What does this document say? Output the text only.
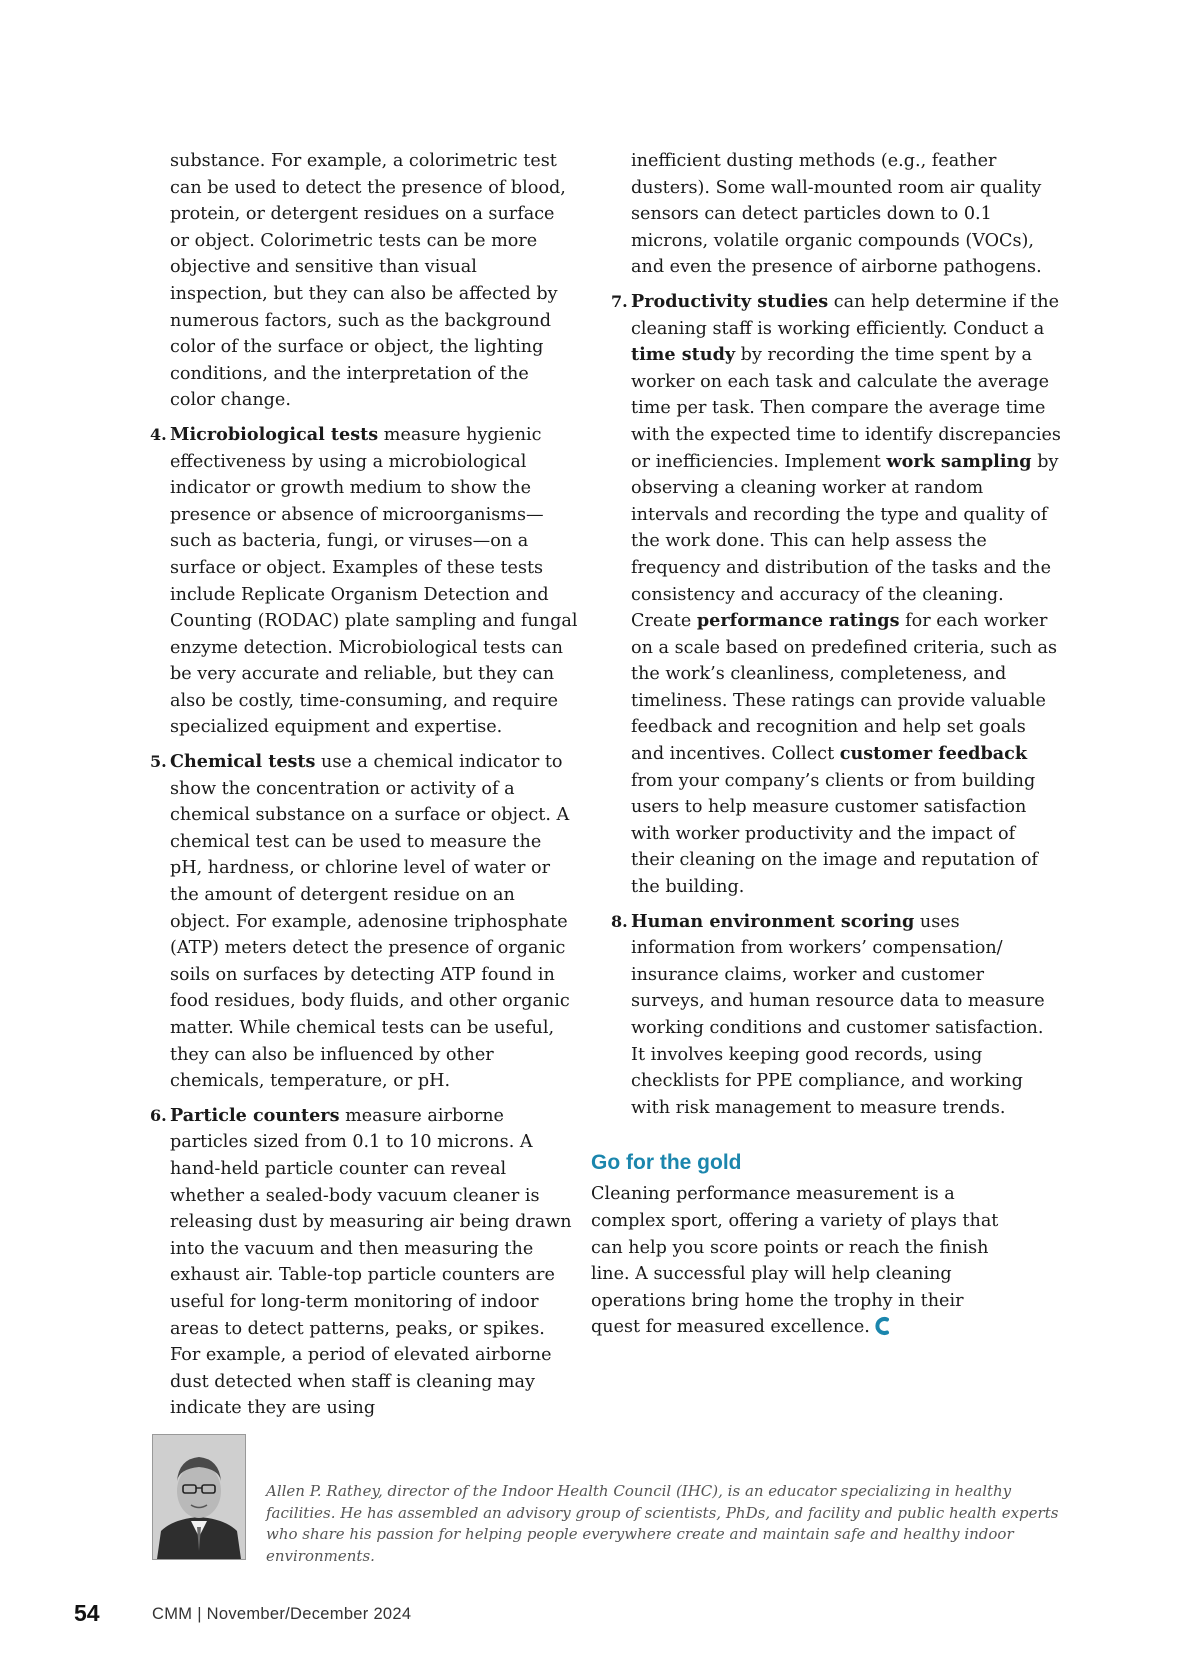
substance. For example, a colorimetric test can be used to detect the presence of blood, protein, or detergent residues on a surface or object. Colorimetric tests can be more objective and sensitive than visual inspection, but they can also be affected by numerous factors, such as the background color of the surface or object, the lighting conditions, and the interpretation of the color change.

4. Microbiological tests measure hygienic effectiveness by using a microbiological indicator or growth medium to show the presence or absence of microorganisms—such as bacteria, fungi, or viruses—on a surface or object. Examples of these tests include Replicate Organism Detection and Counting (RODAC) plate sampling and fungal enzyme detection. Microbiological tests can be very accurate and reliable, but they can also be costly, time-consuming, and require specialized equipment and expertise.

5. Chemical tests use a chemical indicator to show the concentration or activity of a chemical substance on a surface or object. A chemical test can be used to measure the pH, hardness, or chlorine level of water or the amount of detergent residue on an object. For example, adenosine triphosphate (ATP) meters detect the presence of organic soils on surfaces by detecting ATP found in food residues, body fluids, and other organic matter. While chemical tests can be useful, they can also be influenced by other chemicals, temperature, or pH.

6. Particle counters measure airborne particles sized from 0.1 to 10 microns. A hand-held particle counter can reveal whether a sealed-body vacuum cleaner is releasing dust by measuring air being drawn into the vacuum and then measuring the exhaust air. Table-top particle counters are useful for long-term monitoring of indoor areas to detect patterns, peaks, or spikes. For example, a period of elevated airborne dust detected when staff is cleaning may indicate they are using

inefficient dusting methods (e.g., feather dusters). Some wall-mounted room air quality sensors can detect particles down to 0.1 microns, volatile organic compounds (VOCs), and even the presence of airborne pathogens.

7. Productivity studies can help determine if the cleaning staff is working efficiently. Conduct a time study by recording the time spent by a worker on each task and calculate the average time per task. Then compare the average time with the expected time to identify discrepancies or inefficiencies. Implement work sampling by observing a cleaning worker at random intervals and recording the type and quality of the work done. This can help assess the frequency and distribution of the tasks and the consistency and accuracy of the cleaning. Create performance ratings for each worker on a scale based on predefined criteria, such as the work’s cleanliness, completeness, and timeliness. These ratings can provide valuable feedback and recognition and help set goals and incentives. Collect customer feedback from your company’s clients or from building users to help measure customer satisfaction with worker productivity and the impact of their cleaning on the image and reputation of the building.

8. Human environment scoring uses information from workers’ compensation/ insurance claims, worker and customer surveys, and human resource data to measure working conditions and customer satisfaction. It involves keeping good records, using checklists for PPE compliance, and working with risk management to measure trends.

Go for the gold

Cleaning performance measurement is a complex sport, offering a variety of plays that can help you score points or reach the finish line. A successful play will help cleaning operations bring home the trophy in their quest for measured excellence.

Allen P. Rathey, director of the Indoor Health Council (IHC), is an educator specializing in healthy facilities. He has assembled an advisory group of scientists, PhDs, and facility and public health experts who share his passion for helping people everywhere create and maintain safe and healthy indoor environments.

54	CMM | November/December 2024
